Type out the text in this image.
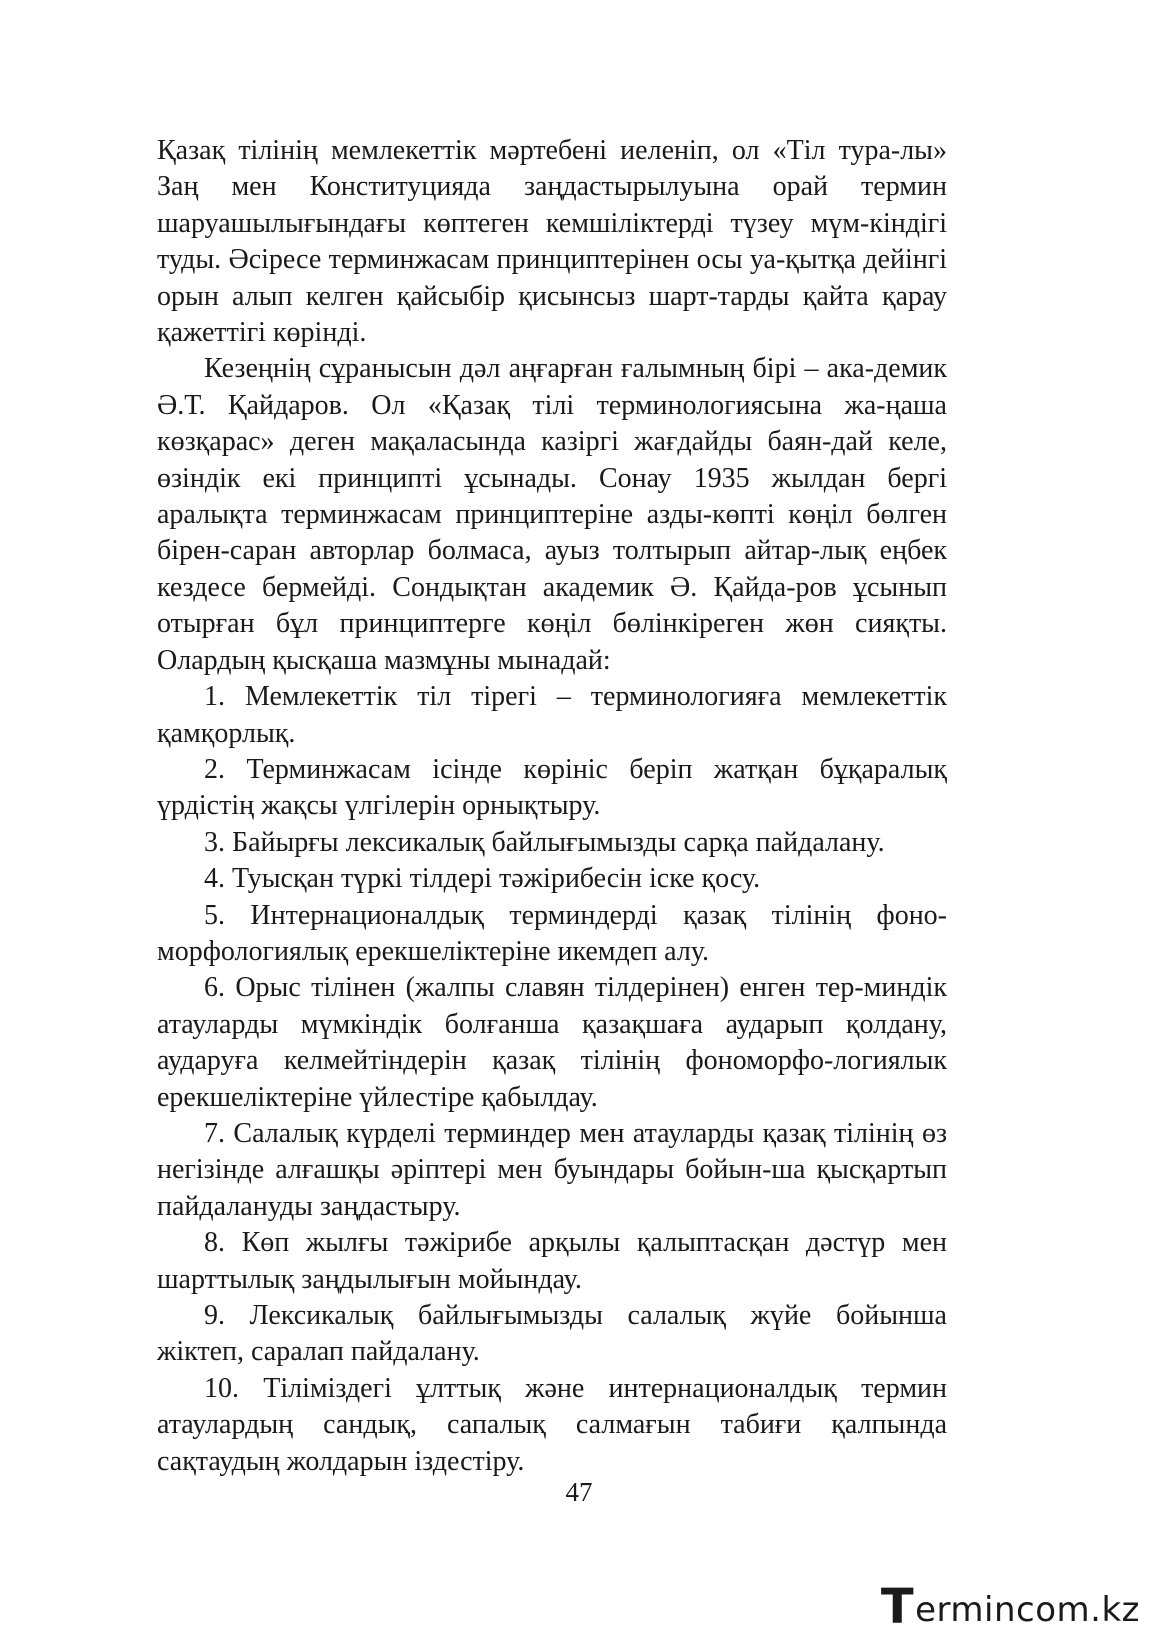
Қазақ тілінің мемлекеттік мәртебені иеленіп, ол «Тіл тура-лы» Заң мен Конституцияда заңдастырылуына орай термин шаруашылығындағы көптеген кемшіліктерді түзеу мүм-кіндігі туды. Әсіресе терминжасам принциптерінен осы уа-қытқа дейінгі орын алып келген қайсыбір қисынсыз шарт-тарды қайта қарау қажеттігі көрінді.

Кезеңнің сұранысын дәл аңғарған ғалымның бірі – ака-демик Ә.Т. Қайдаров. Ол «Қазақ тілі терминологиясына жа-ңаша көзқарас» деген мақаласында казіргі жағдайды баян-дай келе, өзіндік екі принципті ұсынады. Сонау 1935 жылдан бергі аралықта терминжасам принциптеріне азды-көпті көңіл бөлген бірен-саран авторлар болмаса, ауыз толтырып айтар-лық еңбек кездесе бермейді. Сондықтан академик Ә. Қайда-ров ұсынып отырған бұл принциптерге көңіл бөлінкіреген жөн сияқты. Олардың қысқаша мазмұны мынадай:

1. Мемлекеттік тіл тірегі – терминологияға мемлекеттік қамқорлық.

2. Терминжасам ісінде көрініс беріп жатқан бұқаралық үрдістің жақсы үлгілерін орнықтыру.

3. Байырғы лексикалық байлығымызды сарқа пайдалану.

4. Туысқан түркі тілдері тәжірибесін іске қосу.

5. Интернационалдық терминдерді қазақ тілінің фоно-морфологиялық ерекшеліктеріне икемдеп алу.

6. Орыс тілінен (жалпы славян тілдерінен) енген тер-миндік атауларды мүмкіндік болғанша қазақшаға аударып қолдану, аударуға келмейтіндерін қазақ тілінің фономорфо-логиялык ерекшеліктеріне үйлестіре қабылдау.

7. Салалық күрделі терминдер мен атауларды қазақ тілінің өз негізінде алғашқы әріптері мен буындары бойын-ша қысқартып пайдалануды заңдастыру.

8. Көп жылғы тәжірибе арқылы қалыптасқан дәстүр мен шарттылық заңдылығын мойындау.

9. Лексикалық байлығымызды салалық жүйе бойынша жіктеп, саралап пайдалану.

10. Тіліміздегі ұлттық және интернационалдық термин атаулардың сандық, сапалық салмағын табиғи қалпында сақтаудың жолдарын іздестіру.

47
T ermincom.kz
